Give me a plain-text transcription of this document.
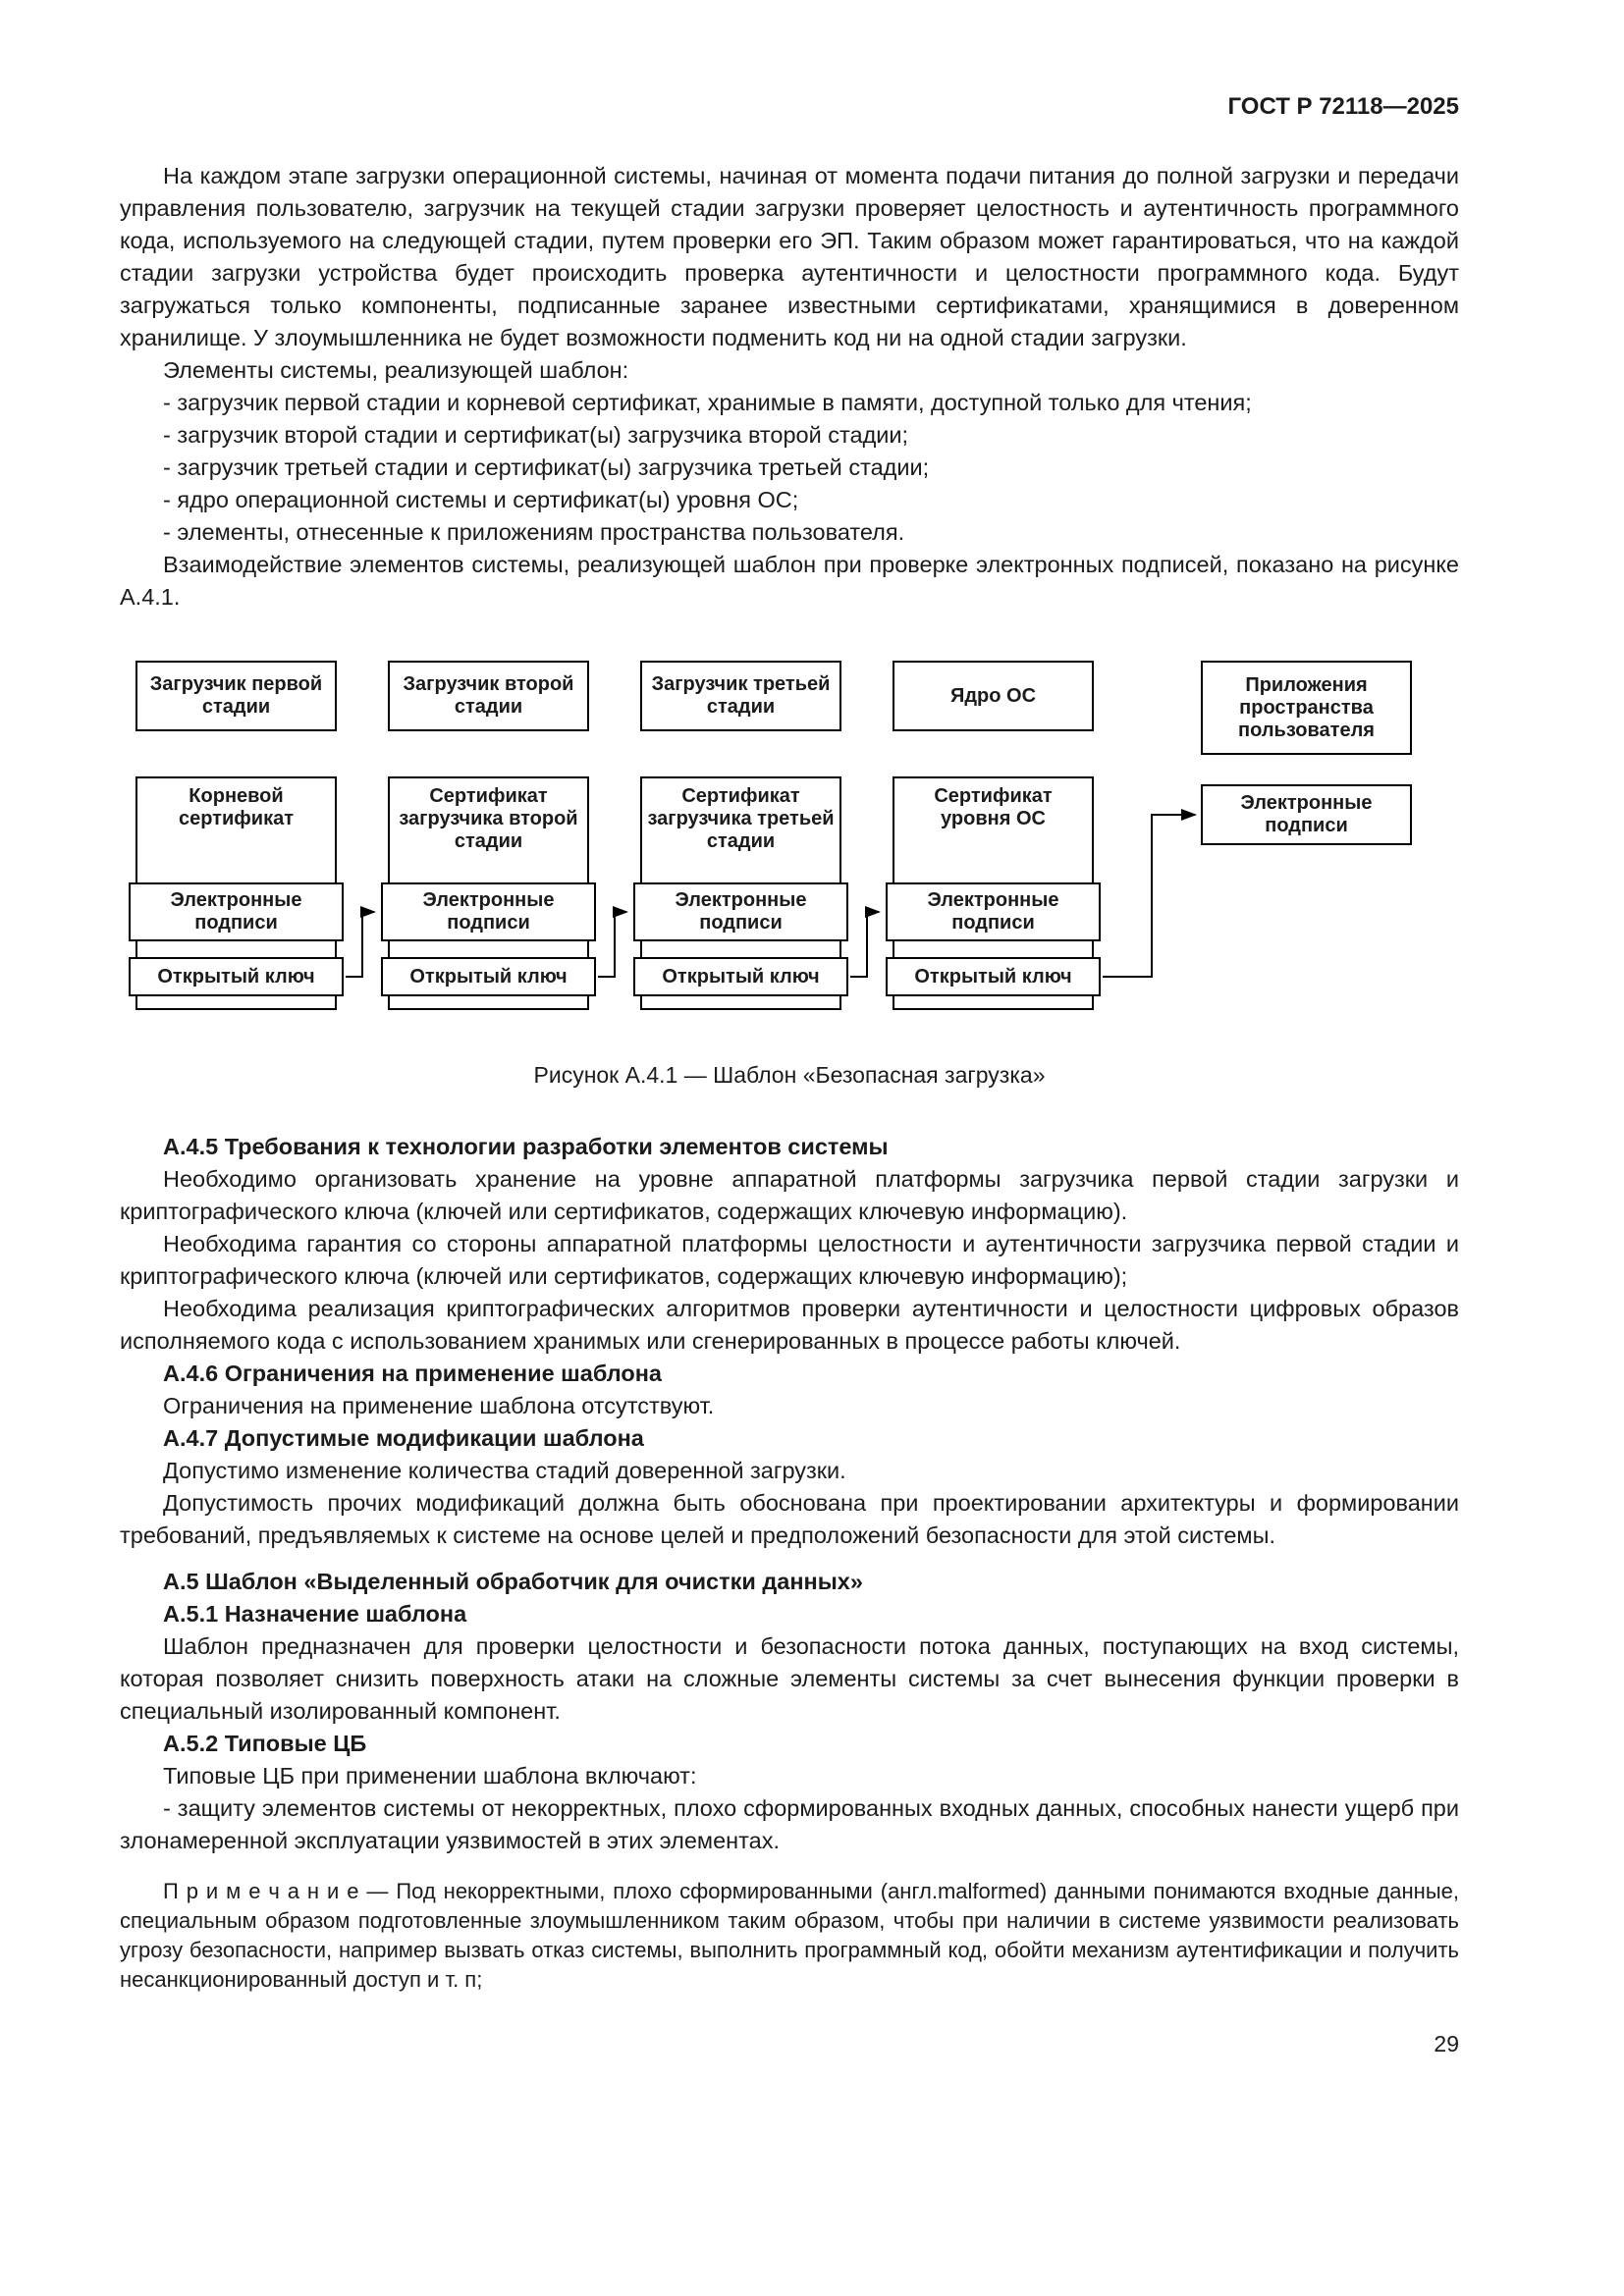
ГОСТ Р 72118—2025

На каждом этапе загрузки операционной системы, начиная от момента подачи питания до полной загрузки и передачи управления пользователю, загрузчик на текущей стадии загрузки проверяет целостность и аутентичность программного кода, используемого на следующей стадии, путем проверки его ЭП. Таким образом может гарантироваться, что на каждой стадии загрузки устройства будет происходить проверка аутентичности и целостности программного кода. Будут загружаться только компоненты, подписанные заранее известными сертификатами, хранящимися в доверенном хранилище. У злоумышленника не будет возможности подменить код ни на одной стадии загрузки.

Элементы системы, реализующей шаблон:

- загрузчик первой стадии и корневой сертификат, хранимые в памяти, доступной только для чтения;

- загрузчик второй стадии и сертификат(ы) загрузчика второй стадии;

- загрузчик третьей стадии и сертификат(ы) загрузчика третьей стадии;

- ядро операционной системы и сертификат(ы) уровня ОС;

- элементы, отнесенные к приложениям пространства пользователя.

Взаимодействие элементов системы, реализующей шаблон при проверке электронных подписей, показано на рисунке А.4.1.

Загрузчик первой стадии
Корневой сертификат
Электронные подписи
Открытый ключ
Загрузчик второй стадии
Сертификат загрузчика второй стадии
Электронные подписи
Открытый ключ
Загрузчик третьей стадии
Сертификат загрузчика третьей стадии
Электронные подписи
Открытый ключ
Ядро ОС
Сертификат уровня ОС
Электронные подписи
Открытый ключ
Приложения пространства пользователя
Электронные подписи
Рисунок А.4.1 — Шаблон «Безопасная загрузка»

А.4.5 Требования к технологии разработки элементов системы

Необходимо организовать хранение на уровне аппаратной платформы загрузчика первой стадии загрузки и криптографического ключа (ключей или сертификатов, содержащих ключевую информацию).

Необходима гарантия со стороны аппаратной платформы целостности и аутентичности загрузчика первой стадии и криптографического ключа (ключей или сертификатов, содержащих ключевую информацию);

Необходима реализация криптографических алгоритмов проверки аутентичности и целостности цифровых образов исполняемого кода с использованием хранимых или сгенерированных в процессе работы ключей.

А.4.6 Ограничения на применение шаблона

Ограничения на применение шаблона отсутствуют.

А.4.7 Допустимые модификации шаблона

Допустимо изменение количества стадий доверенной загрузки.

Допустимость прочих модификаций должна быть обоснована при проектировании архитектуры и формировании требований, предъявляемых к системе на основе целей и предположений безопасности для этой системы.

А.5 Шаблон «Выделенный обработчик для очистки данных»

А.5.1 Назначение шаблона

Шаблон предназначен для проверки целостности и безопасности потока данных, поступающих на вход системы, которая позволяет снизить поверхность атаки на сложные элементы системы за счет вынесения функции проверки в специальный изолированный компонент.

А.5.2 Типовые ЦБ

Типовые ЦБ при применении шаблона включают:

- защиту элементов системы от некорректных, плохо сформированных входных данных, способных нанести ущерб при злонамеренной эксплуатации уязвимостей в этих элементах.

П р и м е ч а н и е — Под некорректными, плохо сформированными (англ.malformed) данными понимаются входные данные, специальным образом подготовленные злоумышленником таким образом, чтобы при наличии в системе уязвимости реализовать угрозу безопасности, например вызвать отказ системы, выполнить программный код, обойти механизм аутентификации и получить несанкционированный доступ и т. п;

29
